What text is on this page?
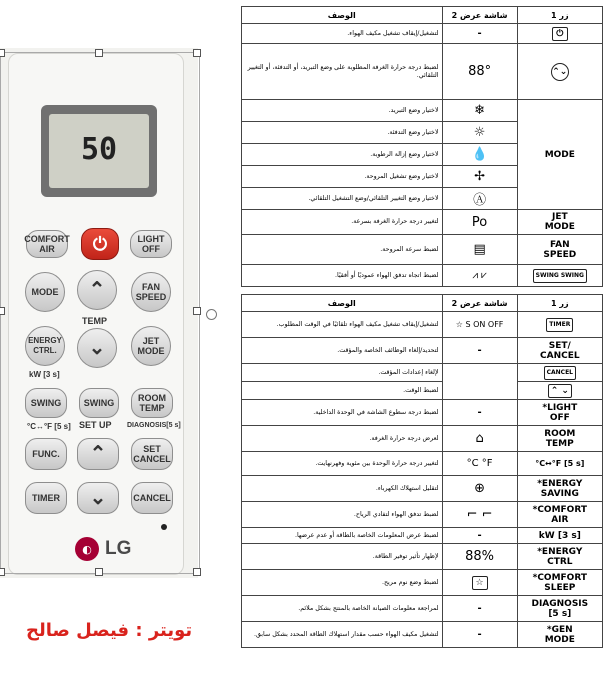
50
COMFORT
AIR	⏻	LIGHT
OFF
MODE	⌃	FAN
SPEED
TEMP
ENERGY
CTRL.	⌄	JET
MODE
kW [3 s]
SWING	SWING	ROOM
TEMP
°C↔°F [5 s] SET UP DIAGNOSIS[5 s]
FUNC.	⌃	SET
CANCEL
TIMER	⌄	CANCEL
◐ LG
تويتر : فيصل صالح
الوصف	شاشة عرض 2	زر 1
لتشغيل/إيقاف تشغيل مكيف الهواء.	-	⏻
لضبط درجة حرارة الغرفة المطلوبة على وضع التبريد، أو التدفئة، أو التغيير التلقائي.	88°	⌃⌄
لاختيار وضع التبريد.	❄	MODE
لاختيار وضع التدفئة.	☼	
لاختيار وضع إزالة الرطوبة.	💧	
لاختيار وضع تشغيل المروحة.	✢	
لاختيار وضع التغيير التلقائي/وضع التشغيل التلقائي.	Ⓐ	
لتغيير درجة حرارة الغرفة بسرعة.	Po	JET
MODE
لضبط سرعة المروحة.	▤	FAN
SPEED
لضبط اتجاه تدفق الهواء عموديًا أو أفقيًا.	⩘ ⩗	SWING SWING
الوصف	شاشة عرض 2	زر 1
لتشغيل/إيقاف تشغيل مكيف الهواء تلقائيًا في الوقت المطلوب.	☆ S ON OFF	TIMER
لتحديد/إلغاء الوظائف الخاصة والمؤقت.	-	SET/
CANCEL
لإلغاء إعدادات المؤقت.		CANCEL
لضبط الوقت.		⌃ ⌄
لضبط درجة سطوع الشاشة في الوحدة الداخلية.	-	*LIGHT
OFF
لعرض درجة حرارة الغرفة.	⌂	ROOM
TEMP
لتغيير درجة حرارة الوحدة بين مئوية وفهرنهايت.	°C °F	°C↔°F [5 s]
لتقليل استهلاك الكهرباء.	⊕	*ENERGY
SAVING
لضبط تدفق الهواء لتفادي الرياح.	⌐ ⌐	*COMFORT
AIR
لضبط عرض المعلومات الخاصة بالطاقة أو عدم عرضها.	-	kW [3 s]
لإظهار تأثير توفير الطاقة.	88%	*ENERGY
CTRL
لضبط وضع نوم مريح.	☆	*COMFORT
SLEEP
لمراجعة معلومات الصيانة الخاصة بالمنتج بشكل ملائم.	-	DIAGNOSIS
[5 s]
لتشغيل مكيف الهواء حسب مقدار استهلاك الطاقة المحدد بشكل سابق.	-	*GEN
MODE
